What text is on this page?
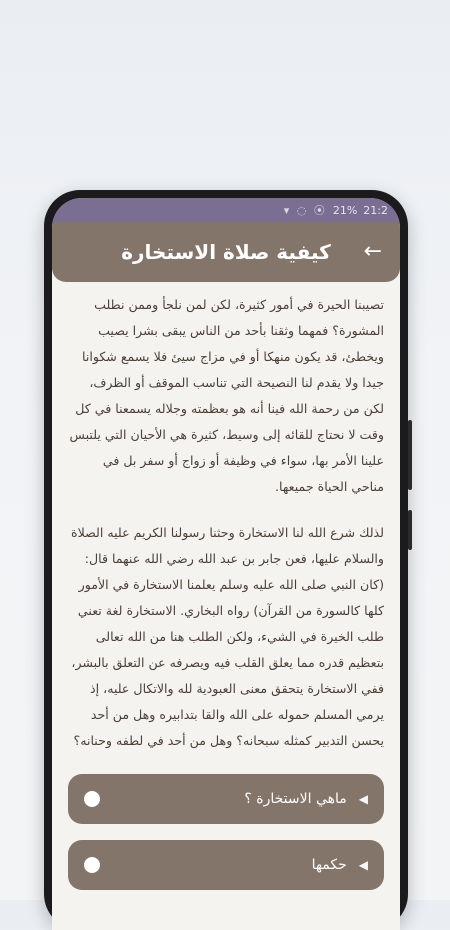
▾ ◌ ⦿ 21% 21:2
كيفية صلاة الاستخارة ←

تصيبنا الحيرة في أمور كثيرة، لكن لمن نلجأ وممن نطلب المشورة؟ فمهما وثقنا بأحد من الناس يبقى بشرا يصيب ويخطئ، قد يكون منهكا أو في مزاج سيئ فلا يسمع شكوانا جيدا ولا يقدم لنا النصيحة التي تناسب الموقف أو الظرف، لكن من رحمة الله فينا أنه هو بعظمته وجلاله يسمعنا في كل وقت لا نحتاج للقائه إلى وسيط، كثيرة هي الأحيان التي يلتبس علينا الأمر بها، سواء في وظيفة أو زواج أو سفر بل في مناحي الحياة جميعها.

لذلك شرع الله لنا الاستخارة وحثنا رسولنا الكريم عليه الصلاة والسلام عليها، فعن جابر بن عبد الله رضي الله عنهما قال: (كان النبي صلى الله عليه وسلم يعلمنا الاستخارة في الأمور كلها كالسورة من القرآن) رواه البخاري. الاستخارة لغة تعني طلب الخيرة في الشيء، ولكن الطلب هنا من الله تعالى بتعظيم قدره مما يعلق القلب فيه ويصرفه عن التعلق بالبشر، ففي الاستخارة يتحقق معنى العبودية لله والاتكال عليه، إذ يرمي المسلم حموله على الله والقا بتدابيره وهل من أحد يحسن التدبير كمثله سبحانه؟ وهل من أحد في لطفه وحنانه؟

◀
ماهي الاستخارة ؟
◀
حكمها
